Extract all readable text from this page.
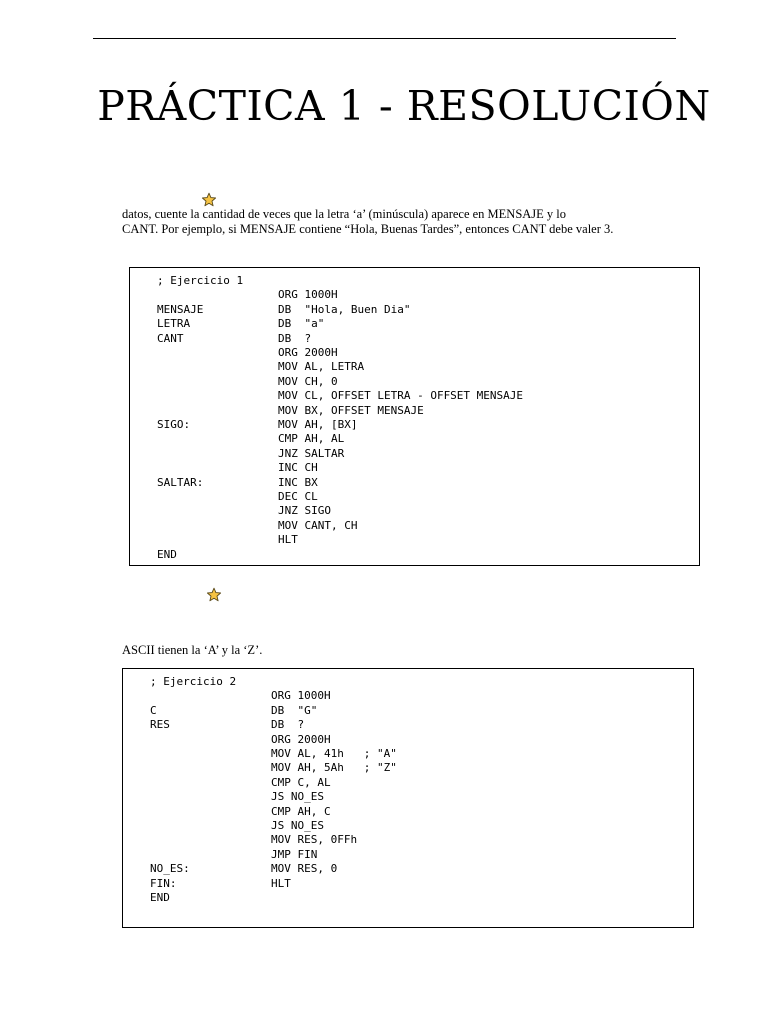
PRÁCTICA 1 - RESOLUCIÓN
datos, cuente la cantidad de veces que la letra ‘a’ (minúscula) aparece en MENSAJE y lo
CANT. Por ejemplo, si MENSAJE contiene “Hola, Buenas Tardes”, entonces CANT debe valer 3.
; Ejercicio 1
ORG 1000H
MENSAJE	DB  "Hola, Buen Dia"
LETRA	DB  "a"
CANT	DB  ?
ORG 2000H
MOV AL, LETRA
MOV CH, 0
MOV CL, OFFSET LETRA - OFFSET MENSAJE
MOV BX, OFFSET MENSAJE
SIGO:	MOV AH, [BX]
CMP AH, AL
JNZ SALTAR
INC CH
SALTAR:	INC BX
DEC CL
JNZ SIGO
MOV CANT, CH
HLT
END
ASCII tienen la ‘A’ y la ‘Z’.
; Ejercicio 2
ORG 1000H
C	DB  "G"
RES	DB  ?
ORG 2000H
MOV AL, 41h   ; "A"
MOV AH, 5Ah   ; "Z"
CMP C, AL
JS NO_ES
CMP AH, C
JS NO_ES
MOV RES, 0FFh
JMP FIN
NO_ES:	MOV RES, 0
FIN:	HLT
END
